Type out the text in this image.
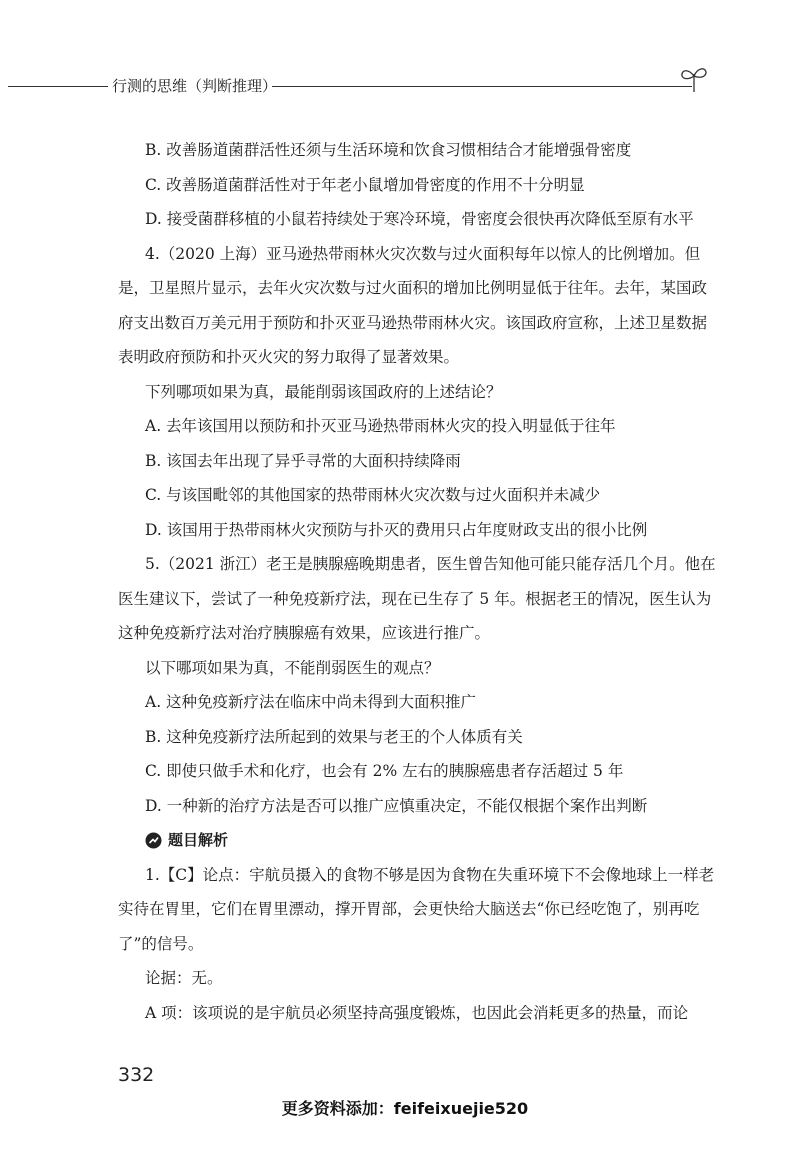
行测的思维（判断推理）

B. 改善肠道菌群活性还须与生活环境和饮食习惯相结合才能增强骨密度

C. 改善肠道菌群活性对于年老小鼠增加骨密度的作用不十分明显

D. 接受菌群移植的小鼠若持续处于寒冷环境，骨密度会很快再次降低至原有水平

4.（2020 上海）亚马逊热带雨林火灾次数与过火面积每年以惊人的比例增加。但是，卫星照片显示，去年火灾次数与过火面积的增加比例明显低于往年。去年，某国政府支出数百万美元用于预防和扑灭亚马逊热带雨林火灾。该国政府宣称，上述卫星数据表明政府预防和扑灭火灾的努力取得了显著效果。

下列哪项如果为真，最能削弱该国政府的上述结论？

A. 去年该国用以预防和扑灭亚马逊热带雨林火灾的投入明显低于往年

B. 该国去年出现了异乎寻常的大面积持续降雨

C. 与该国毗邻的其他国家的热带雨林火灾次数与过火面积并未减少

D. 该国用于热带雨林火灾预防与扑灭的费用只占年度财政支出的很小比例

5.（2021 浙江）老王是胰腺癌晚期患者，医生曾告知他可能只能存活几个月。他在医生建议下，尝试了一种免疫新疗法，现在已生存了 5 年。根据老王的情况，医生认为这种免疫新疗法对治疗胰腺癌有效果，应该进行推广。

以下哪项如果为真，不能削弱医生的观点？

A. 这种免疫新疗法在临床中尚未得到大面积推广

B. 这种免疫新疗法所起到的效果与老王的个人体质有关

C. 即使只做手术和化疗，也会有 2% 左右的胰腺癌患者存活超过 5 年

D. 一种新的治疗方法是否可以推广应慎重决定，不能仅根据个案作出判断

题目解析

1.【C】论点：宇航员摄入的食物不够是因为食物在失重环境下不会像地球上一样老实待在胃里，它们在胃里漂动，撑开胃部，会更快给大脑送去“你已经吃饱了，别再吃了”的信号。

论据：无。

A 项：该项说的是宇航员必须坚持高强度锻炼，也因此会消耗更多的热量，而论

332
更多资料添加：feifeixuejie520
